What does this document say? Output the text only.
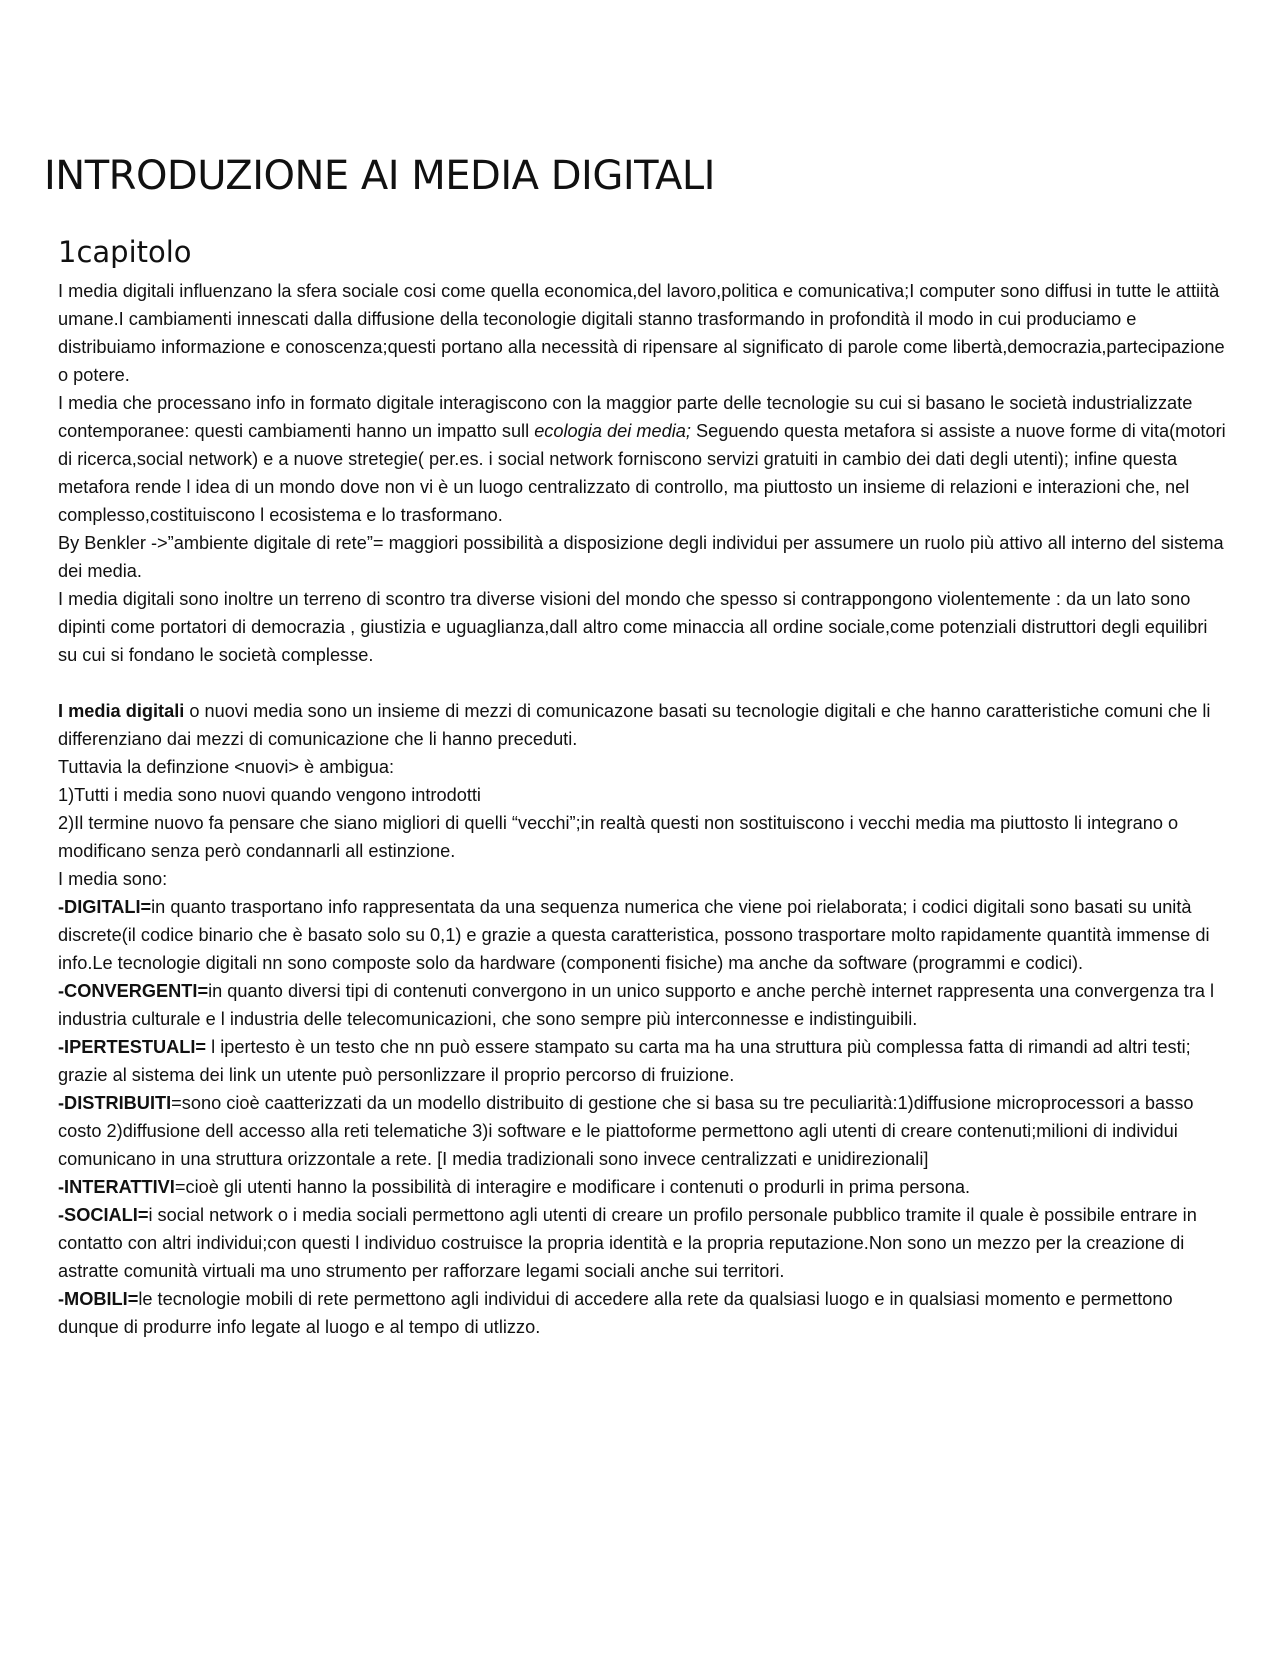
INTRODUZIONE AI MEDIA DIGITALI
1capitolo

I media digitali influenzano la sfera sociale cosi come quella economica,del lavoro,politica e comunicativa;I computer sono diffusi in tutte le attiità umane.I cambiamenti innescati dalla diffusione della teconologie digitali stanno trasformando in profondità il modo in cui produciamo e distribuiamo informazione e conoscenza;questi portano alla necessità di ripensare al significato di parole come libertà,democrazia,partecipazione o potere.

I media che processano info in formato digitale interagiscono con la maggior parte delle tecnologie su cui si basano le società industrializzate contemporanee: questi cambiamenti hanno un impatto sull ecologia dei media; Seguendo questa metafora si assiste a nuove forme di vita(motori di ricerca,social network) e a nuove stretegie( per.es. i social network forniscono servizi gratuiti in cambio dei dati degli utenti); infine questa metafora rende l idea di un mondo dove non vi è un luogo centralizzato di controllo, ma piuttosto un insieme di relazioni e interazioni che, nel complesso,costituiscono l ecosistema e lo trasformano.

By Benkler ->”ambiente digitale di rete”= maggiori possibilità a disposizione degli individui per assumere un ruolo più attivo all interno del sistema dei media.

I media digitali sono inoltre un terreno di scontro tra diverse visioni del mondo che spesso si contrappongono violentemente : da un lato sono dipinti come portatori di democrazia , giustizia e uguaglianza,dall altro come minaccia all ordine sociale,come potenziali distruttori degli equilibri su cui si fondano le società complesse.

I media digitali o nuovi media sono un insieme di mezzi di comunicazone basati su tecnologie digitali e che hanno caratteristiche comuni che li differenziano dai mezzi di comunicazione che li hanno preceduti.

Tuttavia la definzione <nuovi> è ambigua:

1)Tutti i media sono nuovi quando vengono introdotti

2)Il termine nuovo fa pensare che siano migliori di quelli “vecchi”;in realtà questi non sostituiscono i vecchi media ma piuttosto li integrano o modificano senza però condannarli all estinzione.

I media sono:

-DIGITALI=in quanto trasportano info rappresentata da una sequenza numerica che viene poi rielaborata; i codici digitali sono basati su unità discrete(il codice binario che è basato solo su 0,1) e grazie a questa caratteristica, possono trasportare molto rapidamente quantità immense di info.Le tecnologie digitali nn sono composte solo da hardware (componenti fisiche) ma anche da software (programmi e codici).

-CONVERGENTI=in quanto diversi tipi di contenuti convergono in un unico supporto e anche perchè internet rappresenta una convergenza tra l industria culturale e l industria delle telecomunicazioni, che sono sempre più interconnesse e indistinguibili.

-IPERTESTUALI= l ipertesto è un testo che nn può essere stampato su carta ma ha una struttura più complessa fatta di rimandi ad altri testi; grazie al sistema dei link un utente può personlizzare il proprio percorso di fruizione.

-DISTRIBUITI=sono cioè caatterizzati da un modello distribuito di gestione che si basa su tre peculiarità:1)diffusione microprocessori a basso costo 2)diffusione dell accesso alla reti telematiche 3)i software e le piattoforme permettono agli utenti di creare contenuti;milioni di individui comunicano in una struttura orizzontale a rete. [I media tradizionali sono invece centralizzati e unidirezionali]

-INTERATTIVI=cioè gli utenti hanno la possibilità di interagire e modificare i contenuti o produrli in prima persona.

-SOCIALI=i social network o i media sociali permettono agli utenti di creare un profilo personale pubblico tramite il quale è possibile entrare in contatto con altri individui;con questi l individuo costruisce la propria identità e la propria reputazione.Non sono un mezzo per la creazione di astratte comunità virtuali ma uno strumento per rafforzare legami sociali anche sui territori.

-MOBILI=le tecnologie mobili di rete permettono agli individui di accedere alla rete da qualsiasi luogo e in qualsiasi momento e permettono dunque di produrre info legate al luogo e al tempo di utlizzo.
